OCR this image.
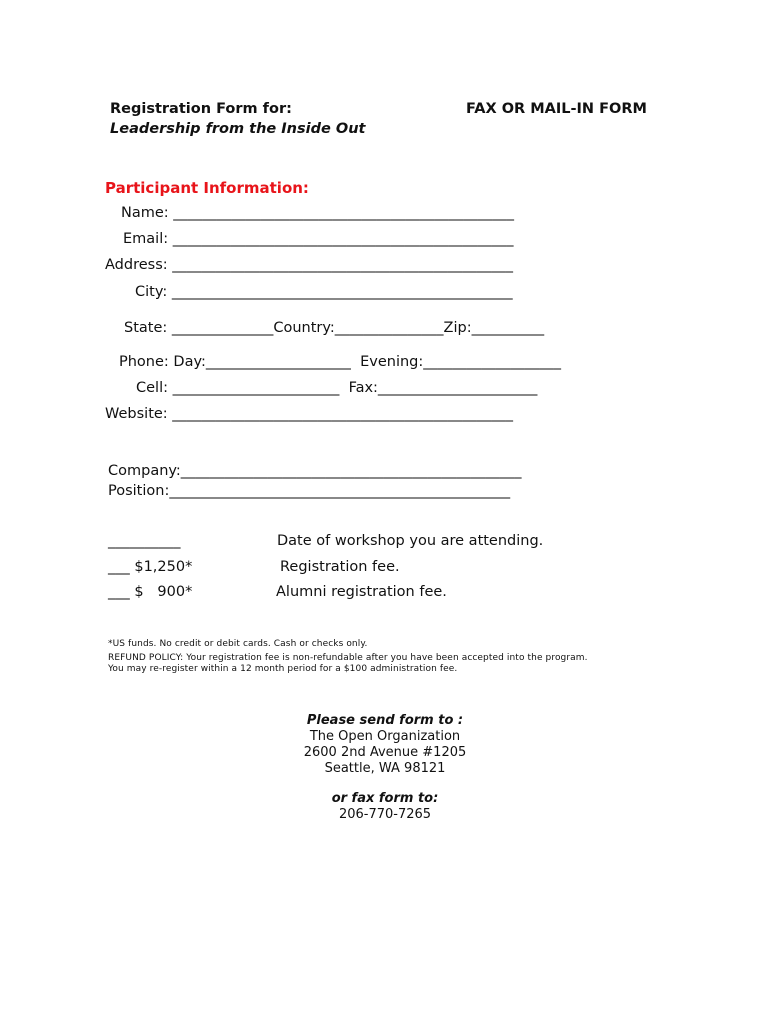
Registration Form for:
Leadership from the Inside Out
FAX OR MAIL-IN FORM
Participant Information:
Name: _______________________________________________
Email: _______________________________________________
Address: _______________________________________________
City: _______________________________________________
State: ______________Country:_______________Zip:__________
Phone: Day:____________________  Evening:___________________
Cell: _______________________  Fax:______________________
Website: _______________________________________________
Company:_______________________________________________
Position:_______________________________________________
__________	Date of workshop you are attending.
___ $1,250*	Registration fee.
___ $   900*	Alumni registration fee.
*US funds. No credit or debit cards. Cash or checks only.
REFUND POLICY: Your registration fee is non-refundable after you have been accepted into the program.
You may re-register within a 12 month period for a $100 administration fee.
Please send form to :
The Open Organization
2600 2nd Avenue #1205
Seattle, WA 98121
or fax form to:
206-770-7265
